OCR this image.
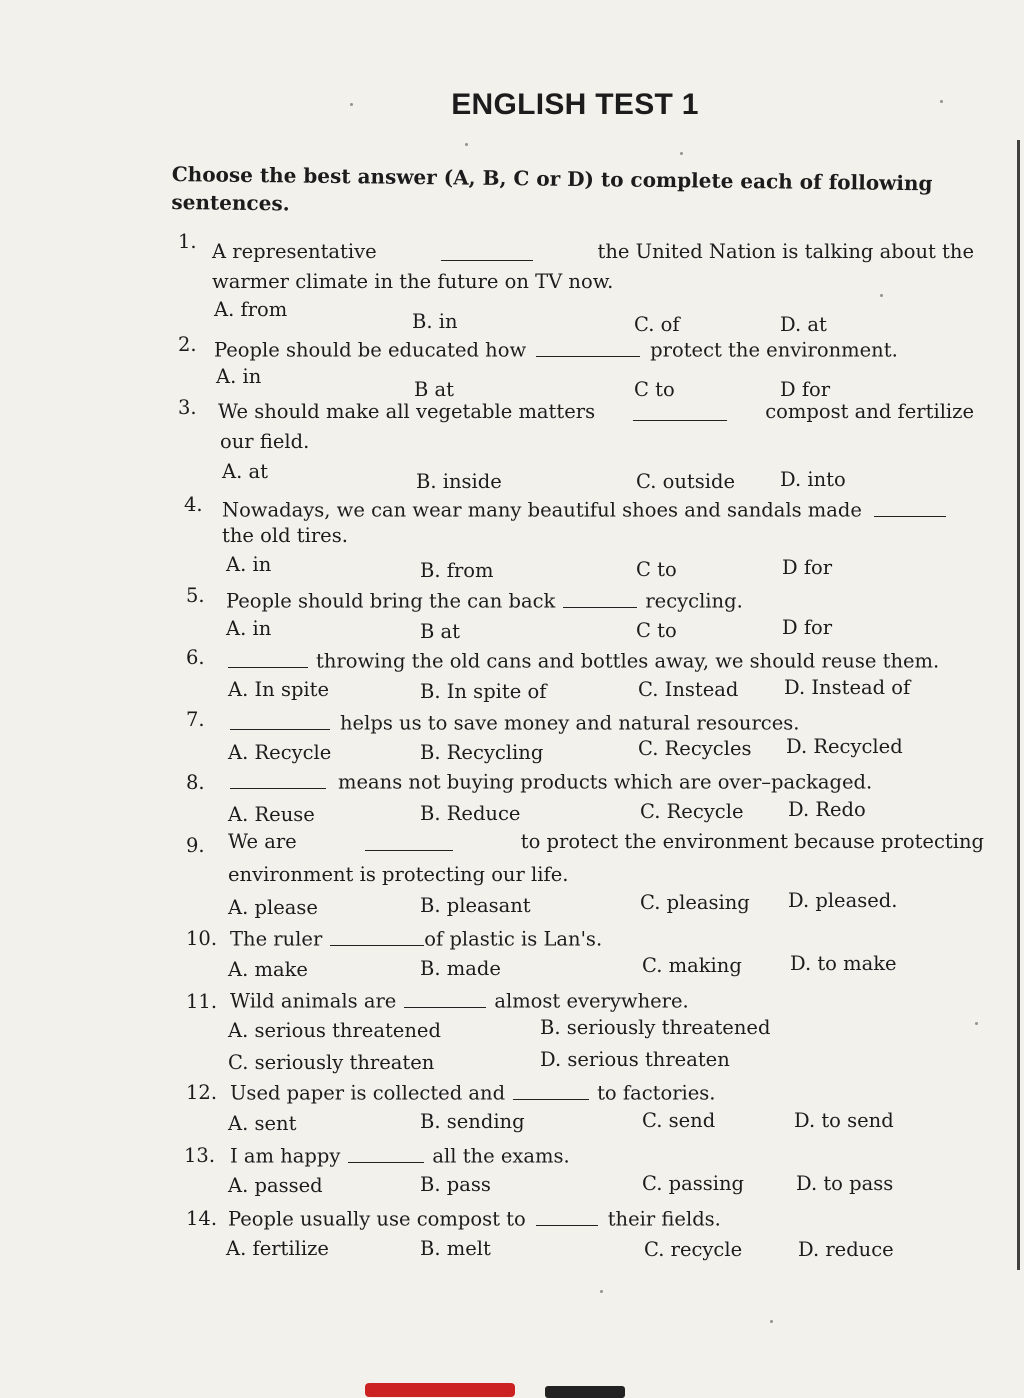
ENGLISH TEST 1
Choose the best answer (A, B, C or D) to complete each of following
sentences.
1. A representative	the United Nation is talking about the
warmer climate in the future on TV now.
A. from
B. in	C. of	D. at
2. People should be educated how	protect the environment.
A. in
B at	C to	D for
3. We should make all vegetable matters	compost and fertilize
our field.
A. at	B. inside	C. outside D. into
4. Nowadays, we can wear many beautiful shoes and sandals made
the old tires.
A. in	B. from	C to	D for
5. People should bring the can back	recycling.
A. in	B at	C to	D for
6.	throwing the old cans and bottles away, we should reuse them.
A. In spite	B. In spite of	C. Instead D. Instead of
7.	helps us to save money and natural resources.
A. Recycle	B. Recycling	C. Recycles D. Recycled
8.	means not buying products which are over–packaged.
A. Reuse	B. Reduce	C. Recycle D. Redo
9. We are	to protect the environment because protecting
environment is protecting our life.
A. please	B. pleasant	C. pleasing D. pleased.
10. The ruler	of plastic is Lan's.
A. make	B. made	C. making D. to make
11. Wild animals are	almost everywhere.
A. serious threatened	B. seriously threatened
C. seriously threaten	D. serious threaten
12. Used paper is collected and	to factories.
A. sent	B. sending	C. send	D. to send
13. I am happy	all the exams.
A. passed	B. pass	C. passing	D. to pass
14. People usually use compost to	their fields.
A. fertilize	B. melt	C. recycle	D. reduce
